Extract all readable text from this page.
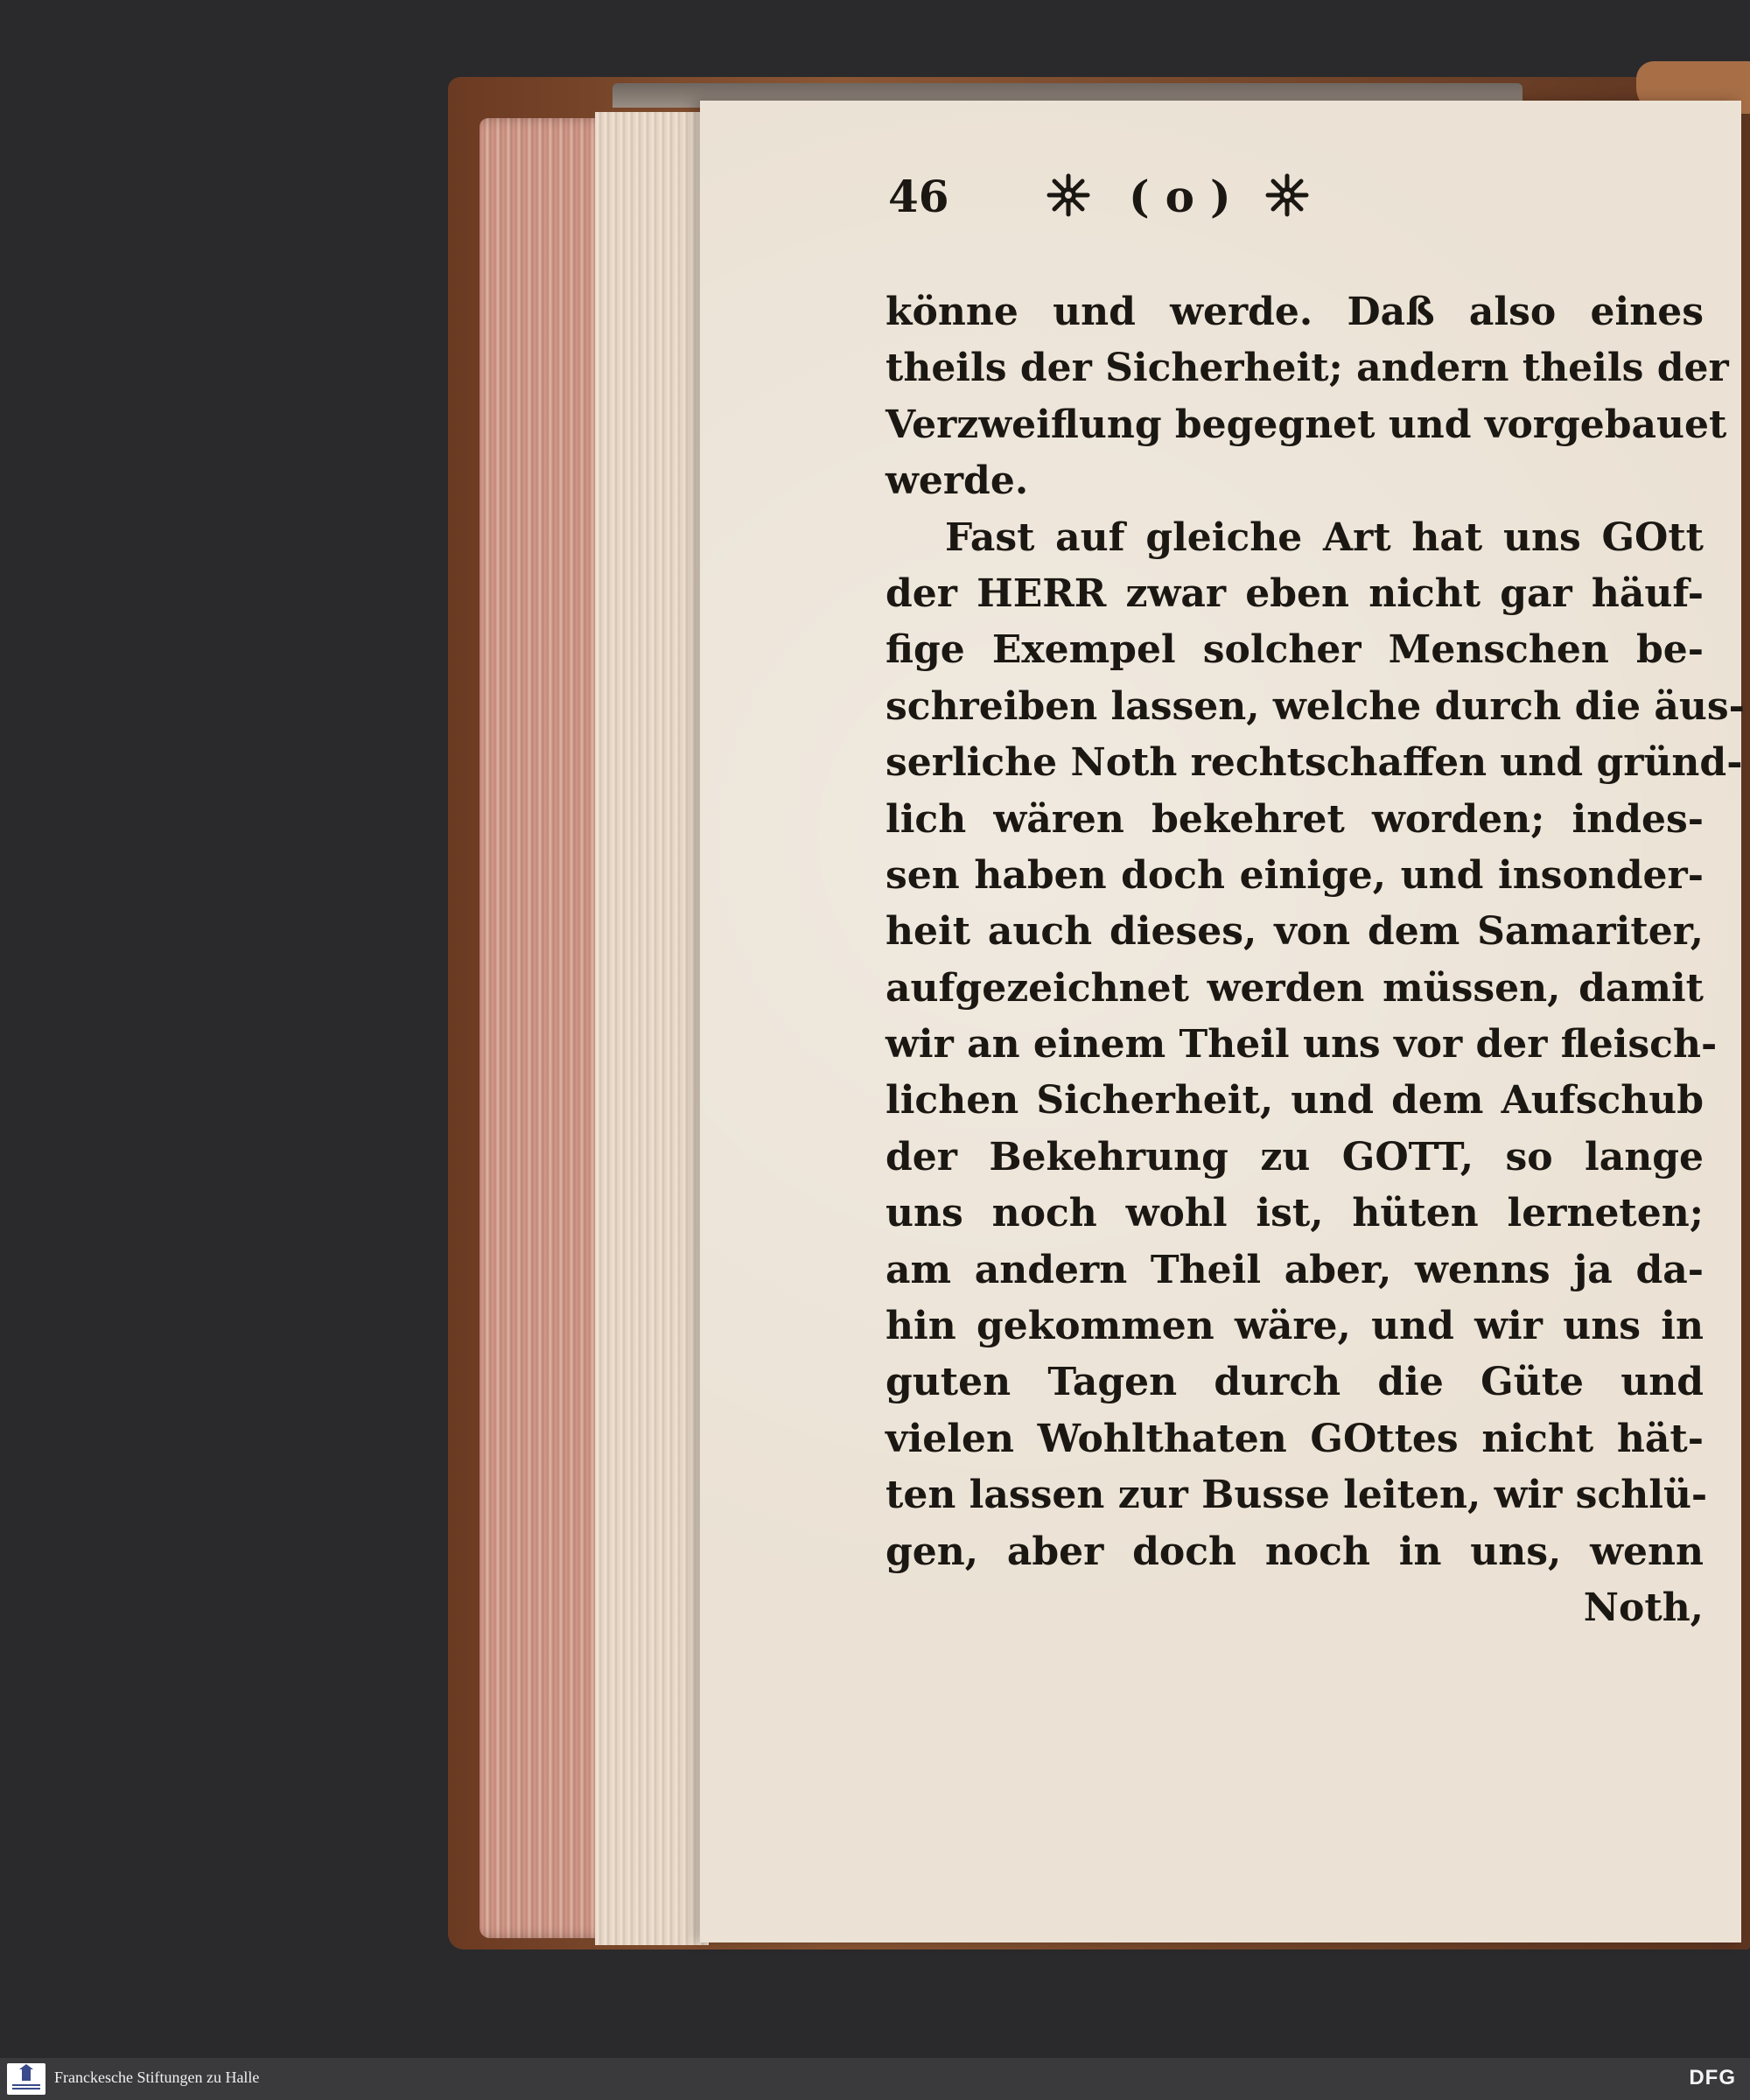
46	(o)
könne und werde. Daß also eines
theils der Sicherheit; andern theils der
Verzweiflung begegnet und vorgebauet
werde.
Fast auf gleiche Art hat uns GOtt
der HERR zwar eben nicht gar häuf-
fige Exempel solcher Menschen be-
schreiben lassen, welche durch die äus-
serliche Noth rechtschaffen und gründ-
lich wären bekehret worden; indes-
sen haben doch einige, und insonder-
heit auch dieses, von dem Samariter,
aufgezeichnet werden müssen, damit
wir an einem Theil uns vor der fleisch-
lichen Sicherheit, und dem Aufschub
der Bekehrung zu GOTT, so lange
uns noch wohl ist, hüten lerneten;
am andern Theil aber, wenns ja da-
hin gekommen wäre, und wir uns in
guten Tagen durch die Güte und
vielen Wohlthaten GOttes nicht hät-
ten lassen zur Busse leiten, wir schlü-
gen, aber doch noch in uns, wenn
Noth,
Franckesche Stiftungen zu Halle	DFG
